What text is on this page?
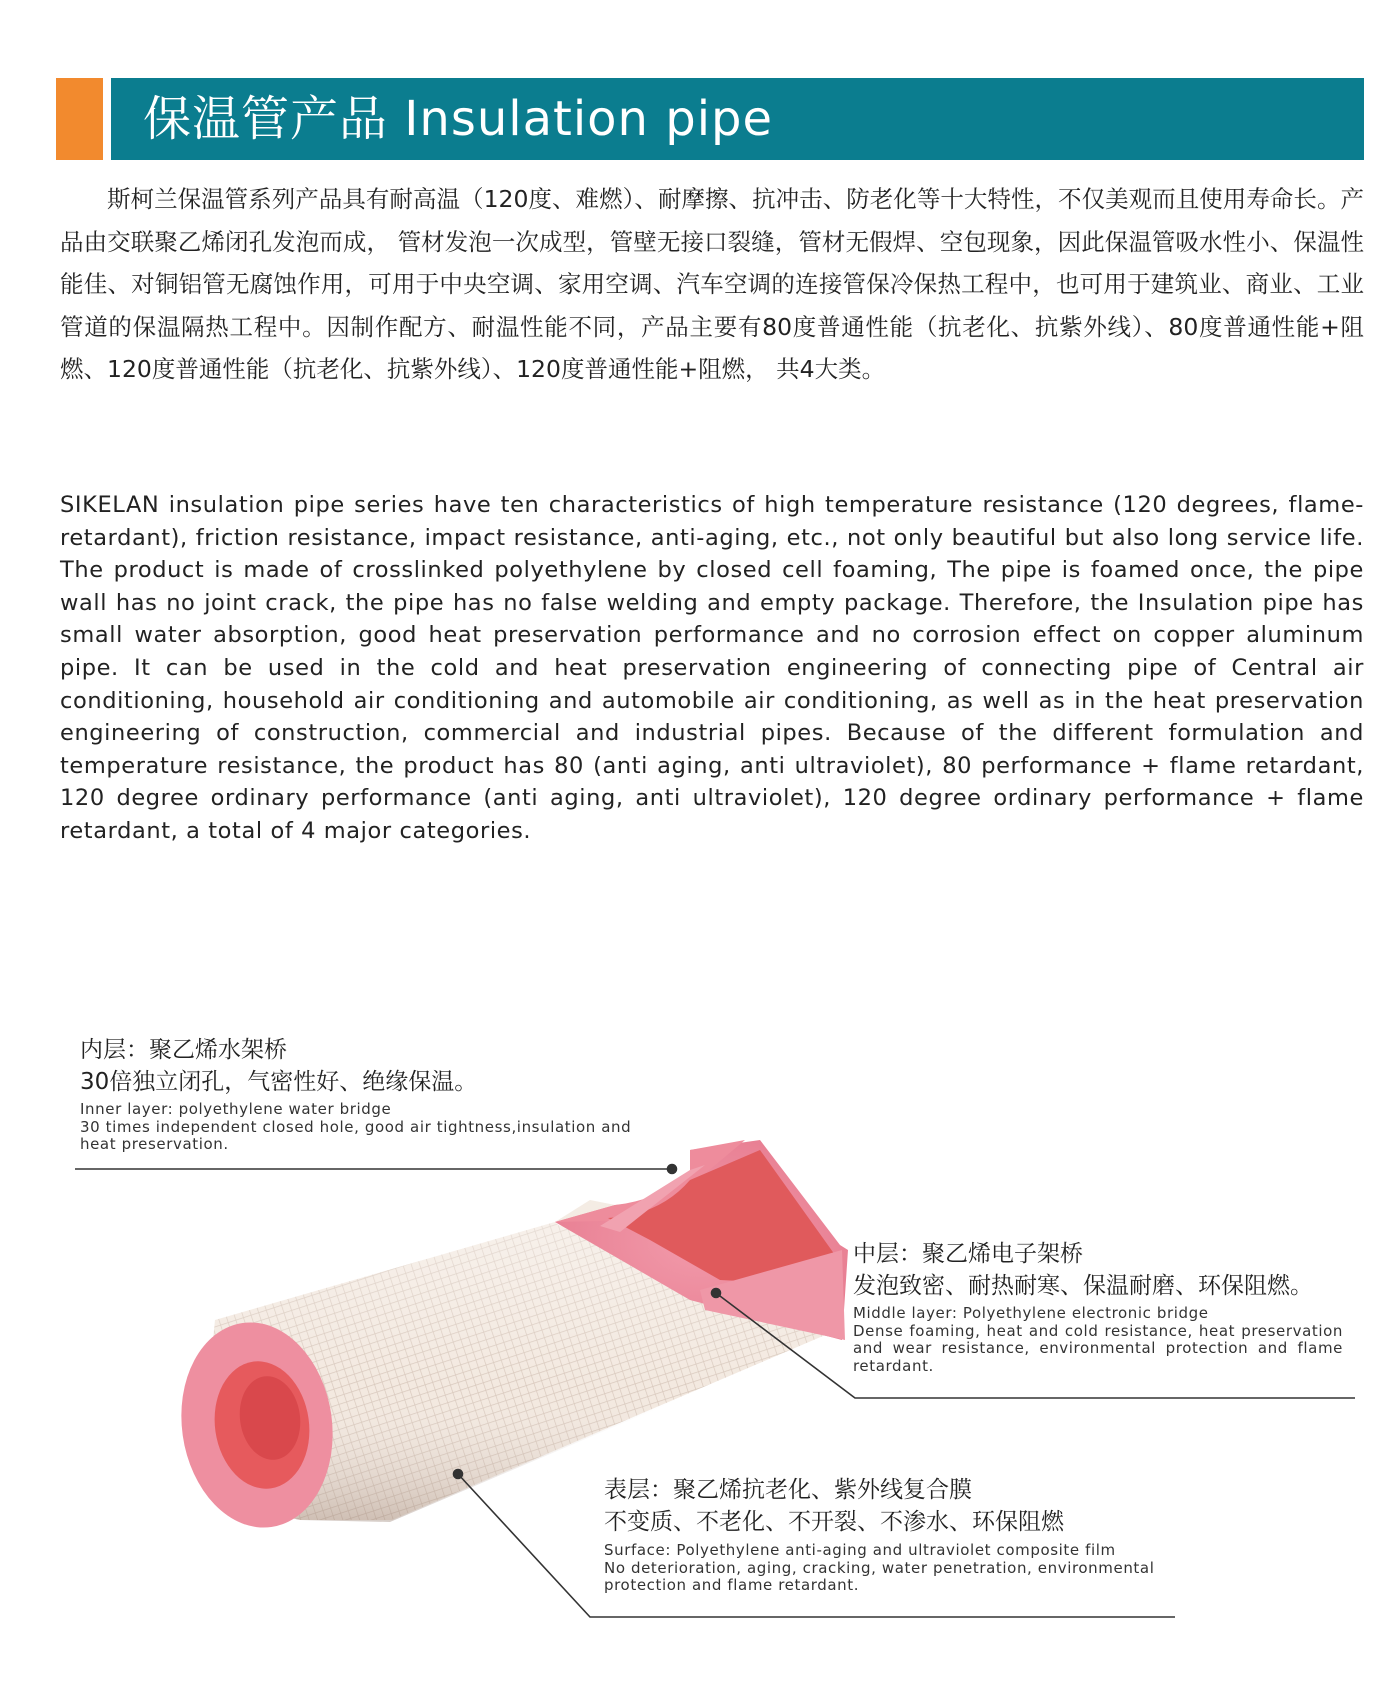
保温管产品 Insulation pipe

斯柯兰保温管系列产品具有耐高温（120度、难燃）、耐摩擦、抗冲击、防老化等十大特性，不仅美观而且使用寿命长。产品由交联聚乙烯闭孔发泡而成， 管材发泡一次成型，管壁无接口裂缝，管材无假焊、空包现象，因此保温管吸水性小、保温性能佳、对铜铝管无腐蚀作用，可用于中央空调、家用空调、汽车空调的连接管保冷保热工程中，也可用于建筑业、商业、工业管道的保温隔热工程中。因制作配方、耐温性能不同，产品主要有80度普通性能（抗老化、抗紫外线）、80度普通性能+阻燃、120度普通性能（抗老化、抗紫外线）、120度普通性能+阻燃， 共4大类。

SIKELAN insulation pipe series have ten characteristics of high temperature resistance (120 degrees, flame-retardant), friction resistance, impact resistance, anti-aging, etc., not only beautiful but also long service life. The product is made of crosslinked polyethylene by closed cell foaming, The pipe is foamed once, the pipe wall has no joint crack, the pipe has no false welding and empty package. Therefore, the Insulation pipe has small water absorption, good heat preservation performance and no corrosion effect on copper aluminum pipe. It can be used in the cold and heat preservation engineering of connecting pipe of Central air conditioning, household air conditioning and automobile air conditioning, as well as in the heat preservation engineering of construction, commercial and industrial pipes. Because of the different formulation and temperature resistance, the product has 80 (anti aging, anti ultraviolet), 80 performance + flame retardant, 120 degree ordinary performance (anti aging, anti ultraviolet), 120 degree ordinary performance + flame retardant, a total of 4 major categories.

内层：聚乙烯水架桥
30倍独立闭孔，气密性好、绝缘保温。
Inner layer: polyethylene water bridge
30 times independent closed hole, good air tightness,insulation and heat preservation.
中层：聚乙烯电子架桥
发泡致密、耐热耐寒、保温耐磨、环保阻燃。
Middle layer: Polyethylene electronic bridge
Dense foaming, heat and cold resistance, heat preservation and wear resistance, environmental protection and flame retardant.
表层：聚乙烯抗老化、紫外线复合膜
不变质、不老化、不开裂、不渗水、环保阻燃
Surface: Polyethylene anti-aging and ultraviolet composite film
No deterioration, aging, cracking, water penetration, environmental protection and flame retardant.
